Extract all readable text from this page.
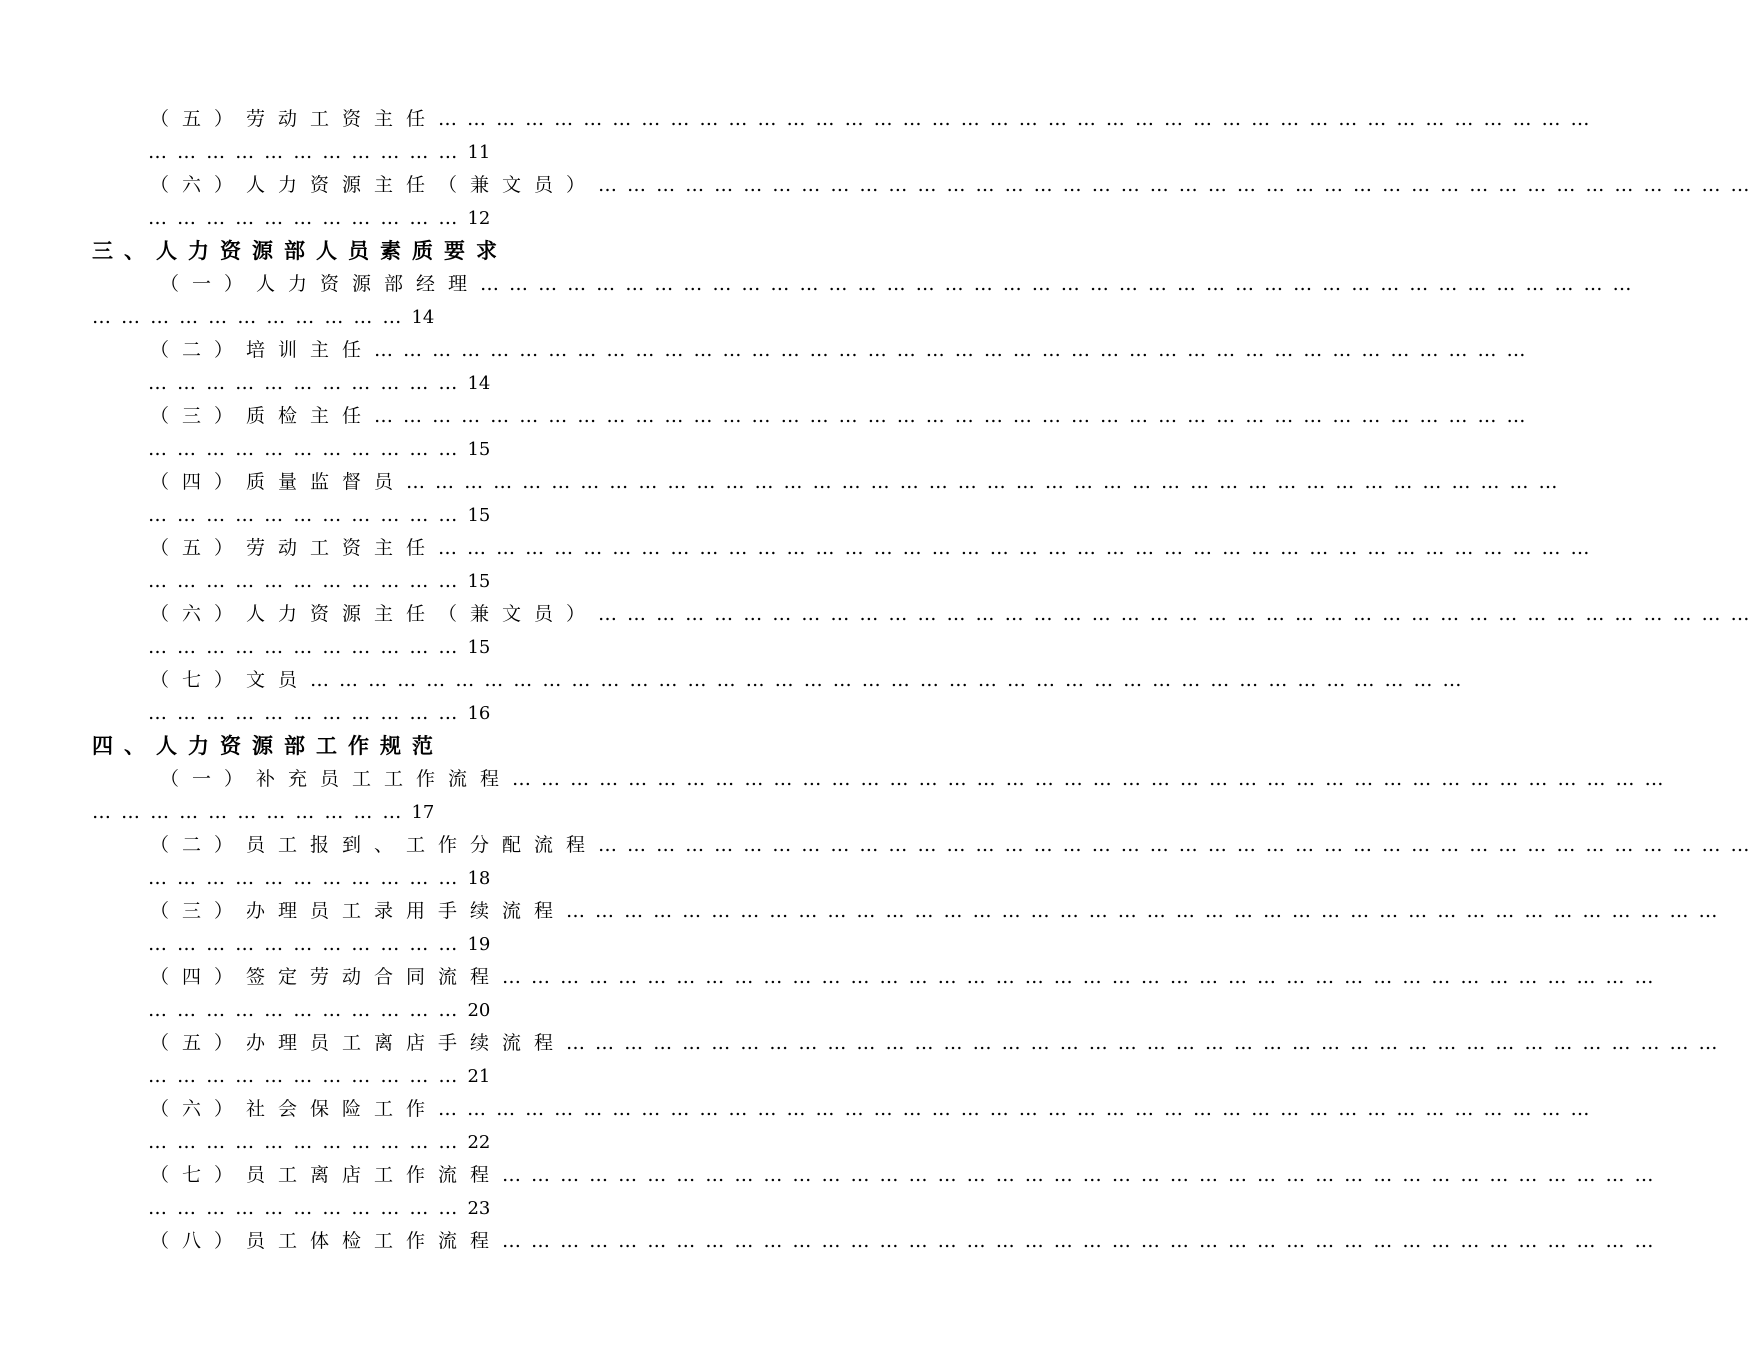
（五）劳动工资主任… … … … … … … … … … … … … … … … … … … … … … … … … … … … … … … … … … … … … … … …
… … … … … … … … … … … 11
（六）人力资源主任（兼文员）… … … … … … … … … … … … … … … … … … … … … … … … … … … … … … … … … … … … … … … …
… … … … … … … … … … … 12
三、人力资源部人员素质要求
（一）人力资源部经理… … … … … … … … … … … … … … … … … … … … … … … … … … … … … … … … … … … … … … … …
… … … … … … … … … … … 14
（二）培训主任… … … … … … … … … … … … … … … … … … … … … … … … … … … … … … … … … … … … … … … …
… … … … … … … … … … … 14
（三）质检主任… … … … … … … … … … … … … … … … … … … … … … … … … … … … … … … … … … … … … … … …
… … … … … … … … … … … 15
（四）质量监督员… … … … … … … … … … … … … … … … … … … … … … … … … … … … … … … … … … … … … … … …
… … … … … … … … … … … 15
（五）劳动工资主任… … … … … … … … … … … … … … … … … … … … … … … … … … … … … … … … … … … … … … … …
… … … … … … … … … … … 15
（六）人力资源主任（兼文员）… … … … … … … … … … … … … … … … … … … … … … … … … … … … … … … … … … … … … … … …
… … … … … … … … … … … 15
（七）文员… … … … … … … … … … … … … … … … … … … … … … … … … … … … … … … … … … … … … … … …
… … … … … … … … … … … 16
四、人力资源部工作规范
（一）补充员工工作流程… … … … … … … … … … … … … … … … … … … … … … … … … … … … … … … … … … … … … … … …
… … … … … … … … … … … 17
（二）员工报到、工作分配流程… … … … … … … … … … … … … … … … … … … … … … … … … … … … … … … … … … … … … … … …
… … … … … … … … … … … 18
（三）办理员工录用手续流程… … … … … … … … … … … … … … … … … … … … … … … … … … … … … … … … … … … … … … … …
… … … … … … … … … … … 19
（四）签定劳动合同流程… … … … … … … … … … … … … … … … … … … … … … … … … … … … … … … … … … … … … … … …
… … … … … … … … … … … 20
（五）办理员工离店手续流程… … … … … … … … … … … … … … … … … … … … … … … … … … … … … … … … … … … … … … … …
… … … … … … … … … … … 21
（六）社会保险工作… … … … … … … … … … … … … … … … … … … … … … … … … … … … … … … … … … … … … … … …
… … … … … … … … … … … 22
（七）员工离店工作流程… … … … … … … … … … … … … … … … … … … … … … … … … … … … … … … … … … … … … … … …
… … … … … … … … … … … 23
（八）员工体检工作流程… … … … … … … … … … … … … … … … … … … … … … … … … … … … … … … … … … … … … … … …
